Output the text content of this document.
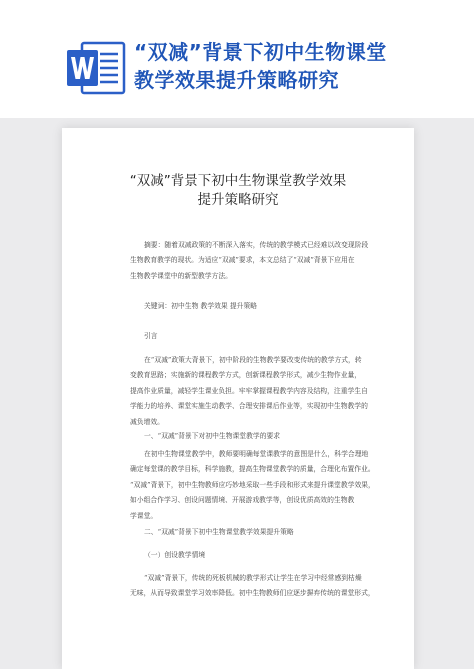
“双减”背景下初中生物课堂
教学效果提升策略研究
“双减”背景下初中生物课堂教学效果
提升策略研究
摘要：随着双减政策的不断深入落实，传统的教学模式已经难以改变现阶段
生物教育教学的现状。为适应“双减”要求，本文总结了“双减”背景下应用在
生物教学课堂中的新型教学方法。
关键词：初中生物 教学效果 提升策略
引言
在“双减”政策大背景下，初中阶段的生物教学要改变传统的教学方式，转
变教育思路；实施新的课程教学方式，创新课程教学形式，减少生物作业量，
提高作业质量，减轻学生课业负担。牢牢掌握课程教学内容及结构，注重学生自
学能力的培养、课堂实施生动教学、合理安排课后作业等，实现初中生物教学的
减负增效。
一、“双减”背景下对初中生物课堂教学的要求
在初中生物课堂教学中，教师要明确每堂课教学的意图是什么，科学合理地
确定每堂课的教学目标，科学施教，提高生物课堂教学的质量，合理化布置作业。
“双减”背景下，初中生物教师应巧妙地采取一些手段和形式来提升课堂教学效果，
如小组合作学习、创设问题情境、开展游戏教学等，创设优质高效的生物教
学课堂。
二、“双减”背景下初中生物课堂教学效果提升策略
（一）创设教学情境
“双减”背景下，传统的死板机械的教学形式让学生在学习中经常感到枯燥
无味，从而导致课堂学习效率降低。初中生物教师们应逐步摒弃传统的课堂形式，
